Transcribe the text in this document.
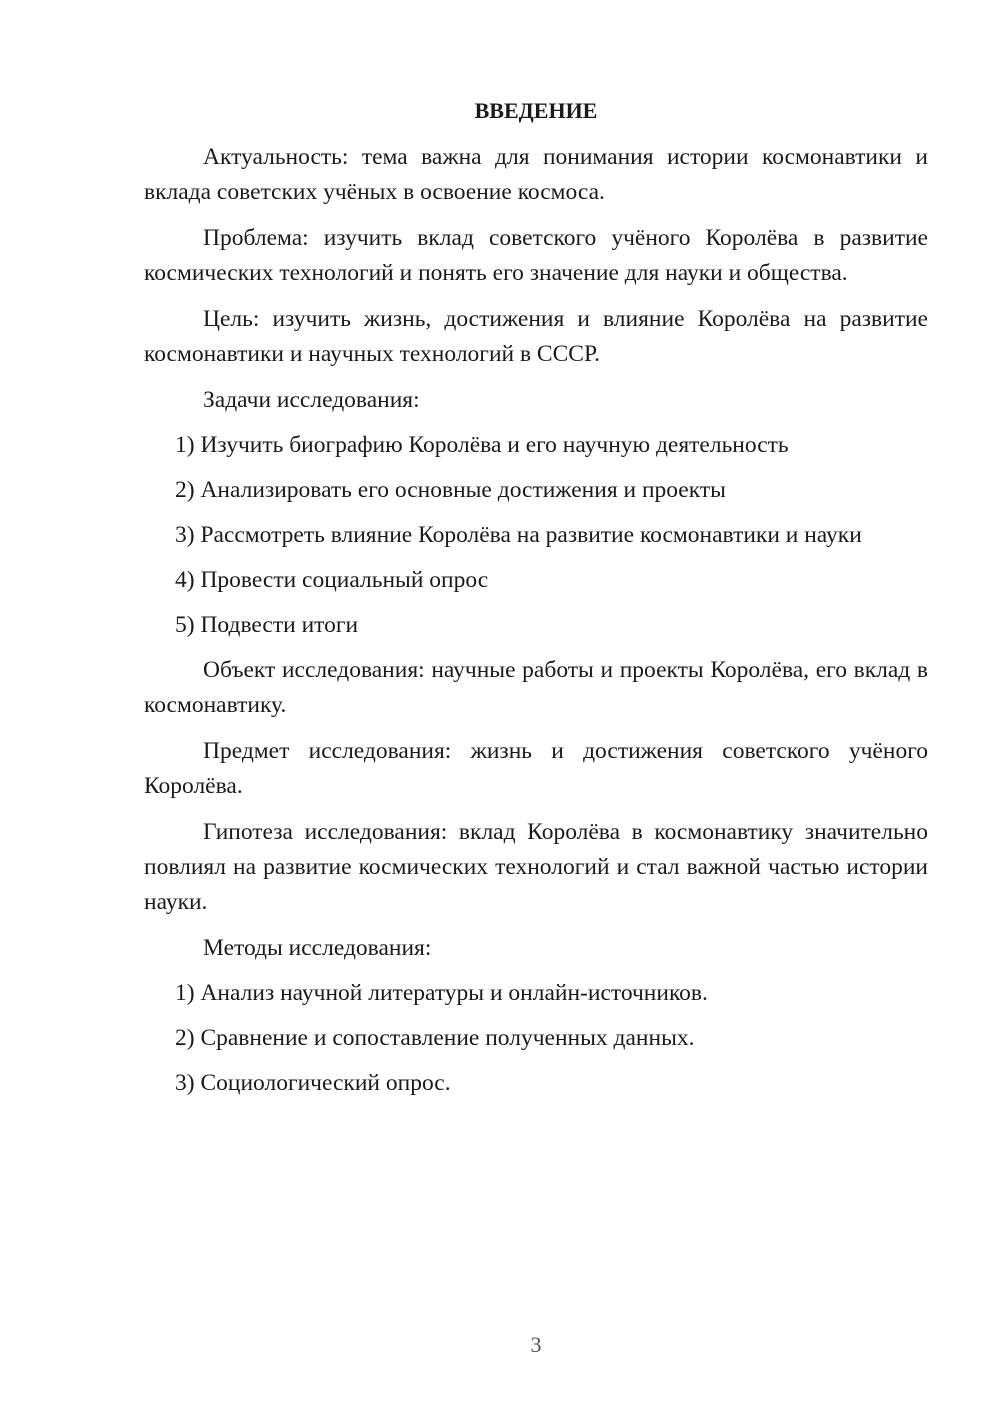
ВВЕДЕНИЕ

Актуальность: тема важна для понимания истории космонавтики и вклада советских учёных в освоение космоса.

Проблема: изучить вклад советского учёного Королёва в развитие космических технологий и понять его значение для науки и общества.

Цель: изучить жизнь, достижения и влияние Королёва на развитие космонавтики и научных технологий в СССР.

Задачи исследования:

1) Изучить биографию Королёва и его научную деятельность

2) Анализировать его основные достижения и проекты

3) Рассмотреть влияние Королёва на развитие космонавтики и науки

4) Провести социальный опрос

5) Подвести итоги

Объект исследования: научные работы и проекты Королёва, его вклад в космонавтику.

Предмет исследования: жизнь и достижения советского учёного Королёва.

Гипотеза исследования: вклад Королёва в космонавтику значительно повлиял на развитие космических технологий и стал важной частью истории науки.

Методы исследования:

1) Анализ научной литературы и онлайн-источников.

2) Сравнение и сопоставление полученных данных.

3) Социологический опрос.

3
